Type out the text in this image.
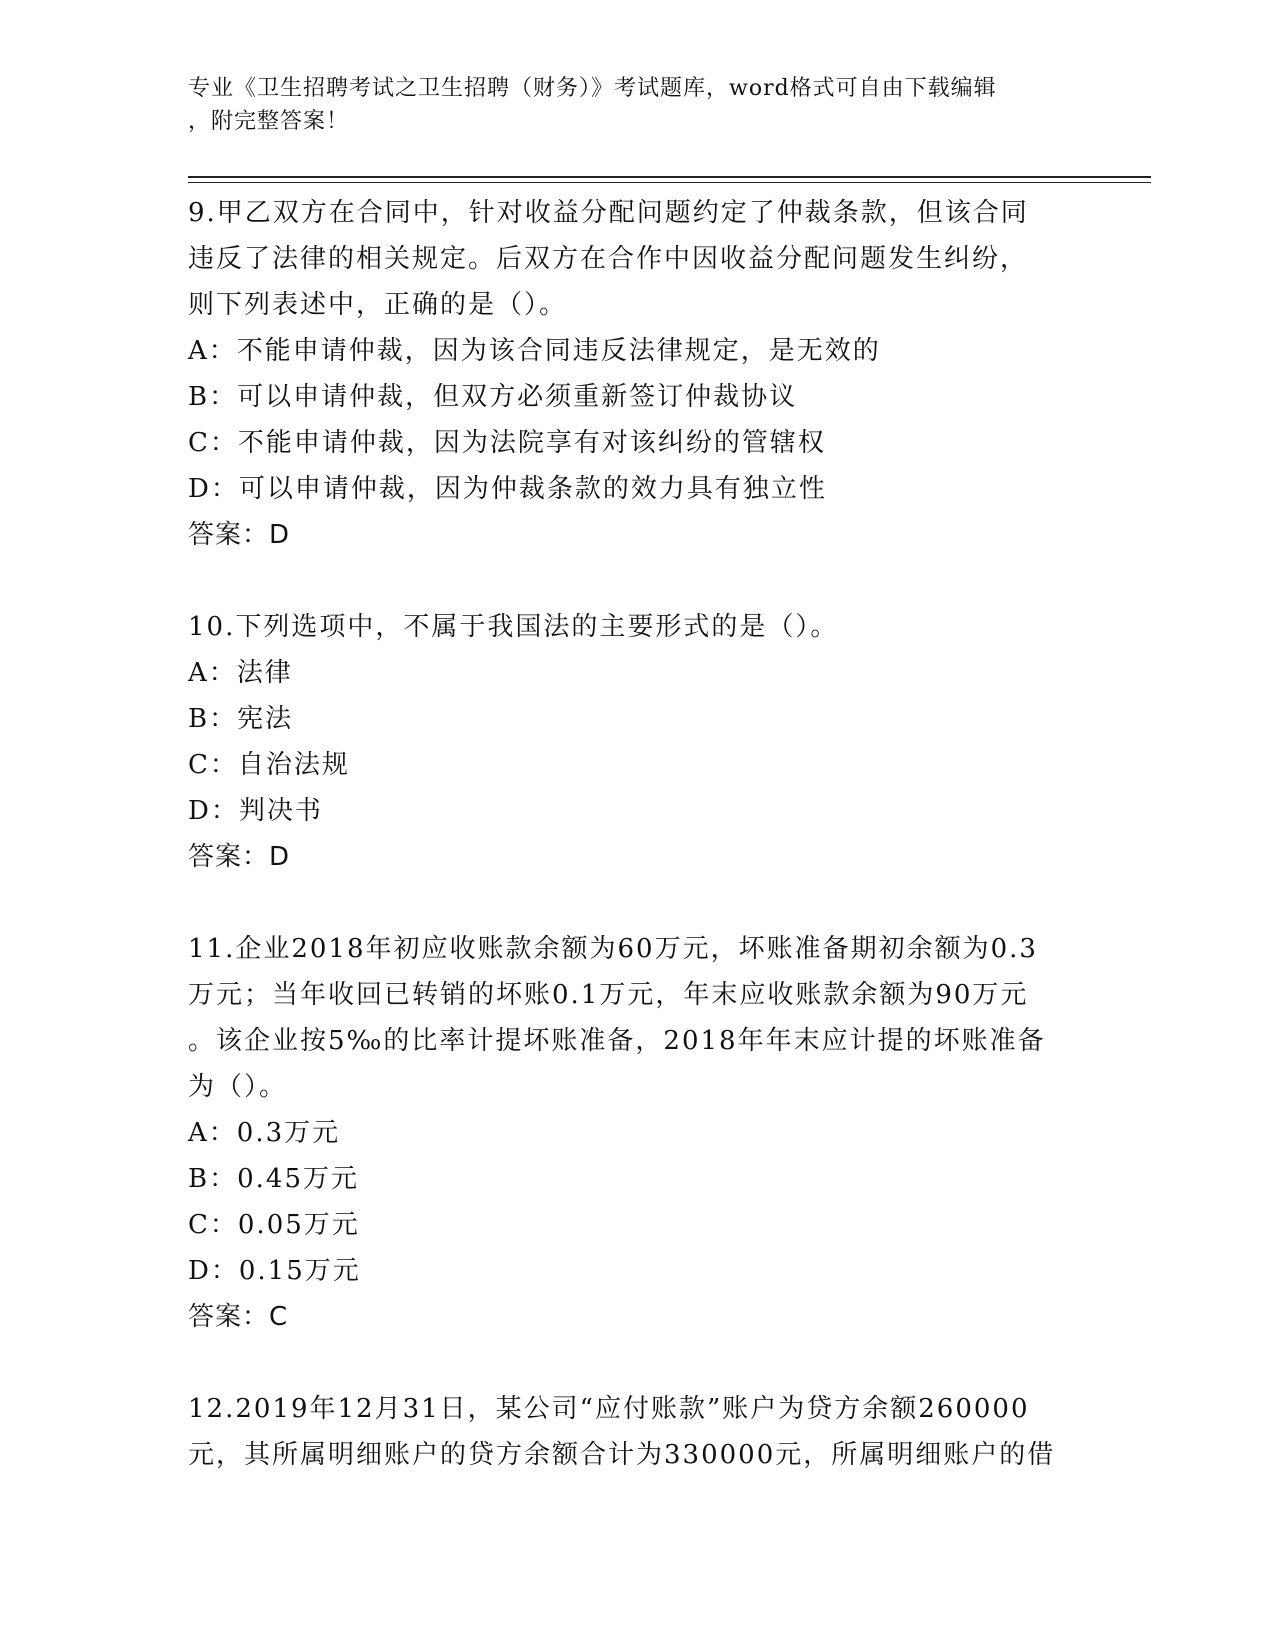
专业《卫生招聘考试之卫生招聘（财务）》考试题库，word格式可自由下载编辑
，附完整答案！
9.甲乙双方在合同中，针对收益分配问题约定了仲裁条款，但该合同
违反了法律的相关规定。后双方在合作中因收益分配问题发生纠纷，
则下列表述中，正确的是（）。
A：不能申请仲裁，因为该合同违反法律规定，是无效的
B：可以申请仲裁，但双方必须重新签订仲裁协议
C：不能申请仲裁，因为法院享有对该纠纷的管辖权
D：可以申请仲裁，因为仲裁条款的效力具有独立性
答案：D
10.下列选项中，不属于我国法的主要形式的是（）。
A：法律
B：宪法
C：自治法规
D：判决书
答案：D
11.企业2018年初应收账款余额为60万元，坏账准备期初余额为0.3
万元；当年收回已转销的坏账0.1万元，年末应收账款余额为90万元
。该企业按5‰的比率计提坏账准备，2018年年末应计提的坏账准备
为（）。
A：0.3万元
B：0.45万元
C：0.05万元
D：0.15万元
答案：C
12.2019年12月31日，某公司“应付账款”账户为贷方余额260000
元，其所属明细账户的贷方余额合计为330000元，所属明细账户的借
